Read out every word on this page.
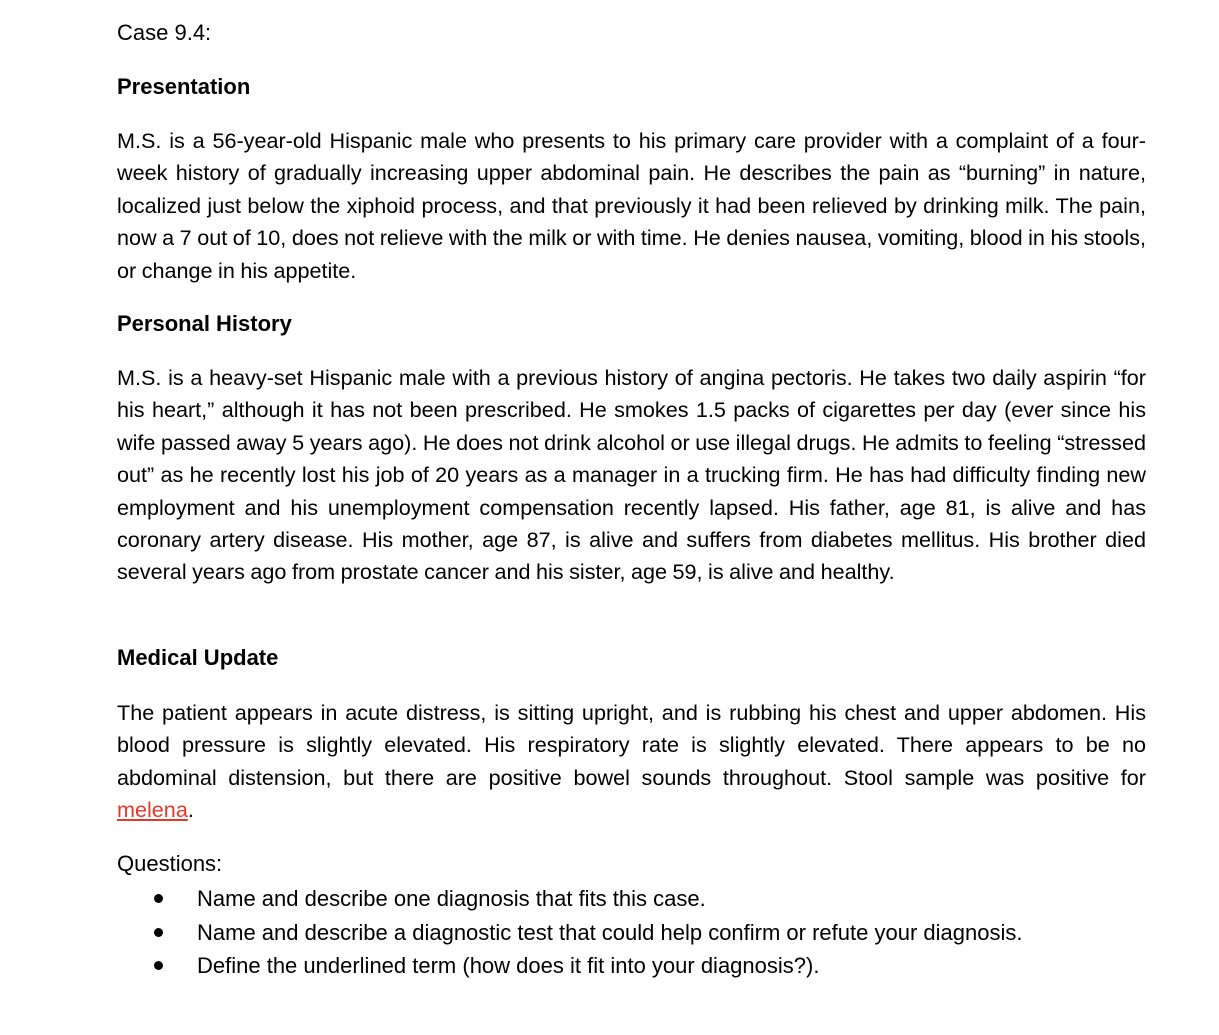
Case 9.4:
Presentation
M.S. is a 56-year-old Hispanic male who presents to his primary care provider with a complaint of a four-week history of gradually increasing upper abdominal pain. He describes the pain as “burning” in nature, localized just below the xiphoid process, and that previously it had been relieved by drinking milk. The pain, now a 7 out of 10, does not relieve with the milk or with time. He denies nausea, vomiting, blood in his stools, or change in his appetite.
Personal History
M.S. is a heavy-set Hispanic male with a previous history of angina pectoris. He takes two daily aspirin “for his heart,” although it has not been prescribed. He smokes 1.5 packs of cigarettes per day (ever since his wife passed away 5 years ago). He does not drink alcohol or use illegal drugs. He admits to feeling “stressed out” as he recently lost his job of 20 years as a manager in a trucking firm. He has had difficulty finding new employment and his unemployment compensation recently lapsed. His father, age 81, is alive and has coronary artery disease. His mother, age 87, is alive and suffers from diabetes mellitus. His brother died several years ago from prostate cancer and his sister, age 59, is alive and healthy.
Medical Update
The patient appears in acute distress, is sitting upright, and is rubbing his chest and upper abdomen. His blood pressure is slightly elevated. His respiratory rate is slightly elevated. There appears to be no abdominal distension, but there are positive bowel sounds throughout. Stool sample was positive for melena.
Questions:
Name and describe one diagnosis that fits this case.
Name and describe a diagnostic test that could help confirm or refute your diagnosis.
Define the underlined term (how does it fit into your diagnosis?).
